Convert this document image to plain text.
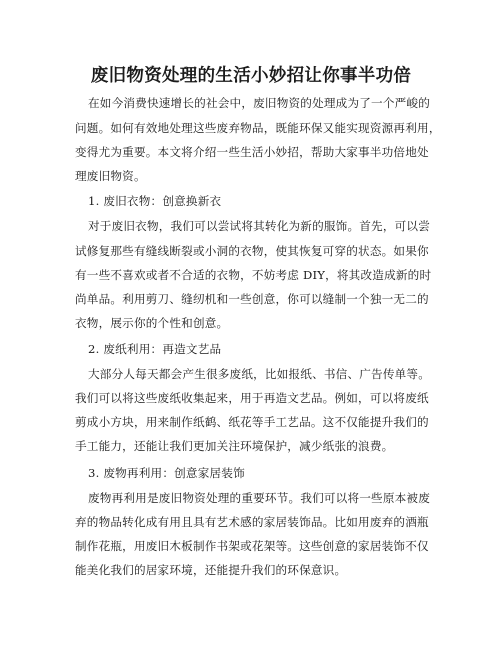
废旧物资处理的生活小妙招让你事半功倍
在如今消费快速增长的社会中，废旧物资的处理成为了一个严峻的
问题。如何有效地处理这些废弃物品，既能环保又能实现资源再利用，
变得尤为重要。本文将介绍一些生活小妙招，帮助大家事半功倍地处
理废旧物资。
1. 废旧衣物：创意换新衣
对于废旧衣物，我们可以尝试将其转化为新的服饰。首先，可以尝
试修复那些有缝线断裂或小洞的衣物，使其恢复可穿的状态。如果你
有一些不喜欢或者不合适的衣物，不妨考虑 DIY，将其改造成新的时
尚单品。利用剪刀、缝纫机和一些创意，你可以缝制一个独一无二的
衣物，展示你的个性和创意。
2. 废纸利用：再造文艺品
大部分人每天都会产生很多废纸，比如报纸、书信、广告传单等。
我们可以将这些废纸收集起来，用于再造文艺品。例如，可以将废纸
剪成小方块，用来制作纸鹤、纸花等手工艺品。这不仅能提升我们的
手工能力，还能让我们更加关注环境保护，减少纸张的浪费。
3. 废物再利用：创意家居装饰
废物再利用是废旧物资处理的重要环节。我们可以将一些原本被废
弃的物品转化成有用且具有艺术感的家居装饰品。比如用废弃的酒瓶
制作花瓶，用废旧木板制作书架或花架等。这些创意的家居装饰不仅
能美化我们的居家环境，还能提升我们的环保意识。
